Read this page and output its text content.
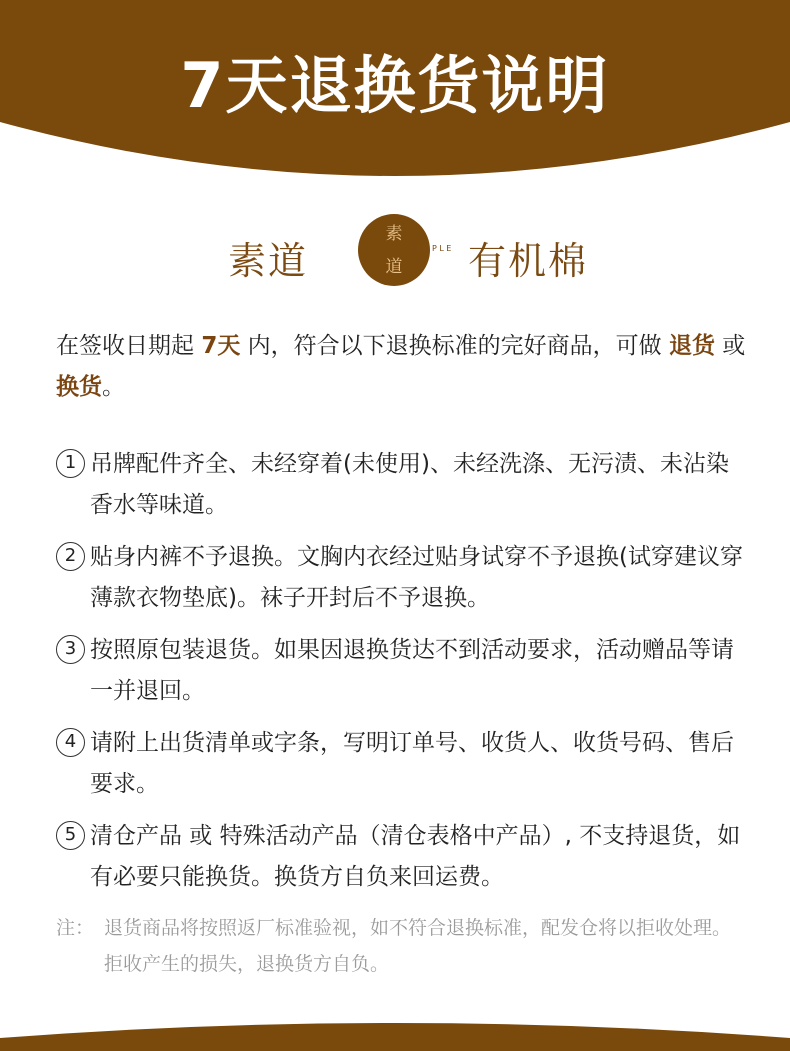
7天退换货说明
素道
素
道
SIMPLE 有机棉
在签收日期起 7天 内，符合以下退换标准的完好商品，可做 退货 或 换货。
1 吊牌配件齐全、未经穿着(未使用)、未经洗涤、无污渍、未沾染香水等味道。
2 贴身内裤不予退换。文胸内衣经过贴身试穿不予退换(试穿建议穿薄款衣物垫底)。袜子开封后不予退换。
3 按照原包装退货。如果因退换货达不到活动要求，活动赠品等请一并退回。
4 请附上出货清单或字条，写明订单号、收货人、收货号码、售后要求。
5 清仓产品 或 特殊活动产品（清仓表格中产品）, 不支持退货，如有必要只能换货。换货方自负来回运费。
注： 退货商品将按照返厂标准验视，如不符合退换标准，配发仓将以拒收处理。拒收产生的损失，退换货方自负。
